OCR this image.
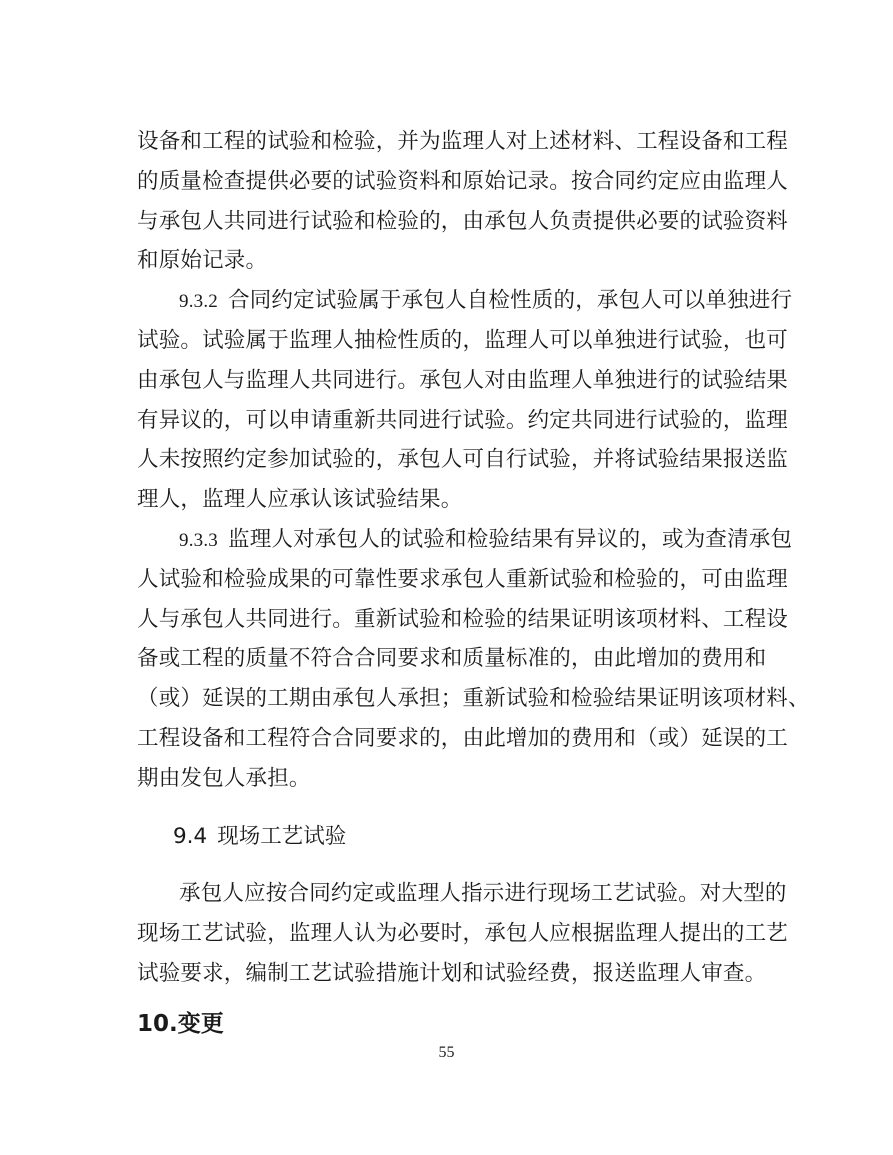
设备和工程的试验和检验，并为监理人对上述材料、工程设备和工程
的质量检查提供必要的试验资料和原始记录。按合同约定应由监理人
与承包人共同进行试验和检验的，由承包人负责提供必要的试验资料
和原始记录。
9.3.2 合同约定试验属于承包人自检性质的，承包人可以单独进行
试验。试验属于监理人抽检性质的，监理人可以单独进行试验，也可
由承包人与监理人共同进行。承包人对由监理人单独进行的试验结果
有异议的，可以申请重新共同进行试验。约定共同进行试验的，监理
人未按照约定参加试验的，承包人可自行试验，并将试验结果报送监
理人，监理人应承认该试验结果。
9.3.3 监理人对承包人的试验和检验结果有异议的，或为查清承包
人试验和检验成果的可靠性要求承包人重新试验和检验的，可由监理
人与承包人共同进行。重新试验和检验的结果证明该项材料、工程设
备或工程的质量不符合合同要求和质量标准的，由此增加的费用和
（或）延误的工期由承包人承担；重新试验和检验结果证明该项材料、
工程设备和工程符合合同要求的，由此增加的费用和（或）延误的工
期由发包人承担。
9.4 现场工艺试验
承包人应按合同约定或监理人指示进行现场工艺试验。对大型的
现场工艺试验，监理人认为必要时，承包人应根据监理人提出的工艺
试验要求，编制工艺试验措施计划和试验经费，报送监理人审查。
10.变更
55
